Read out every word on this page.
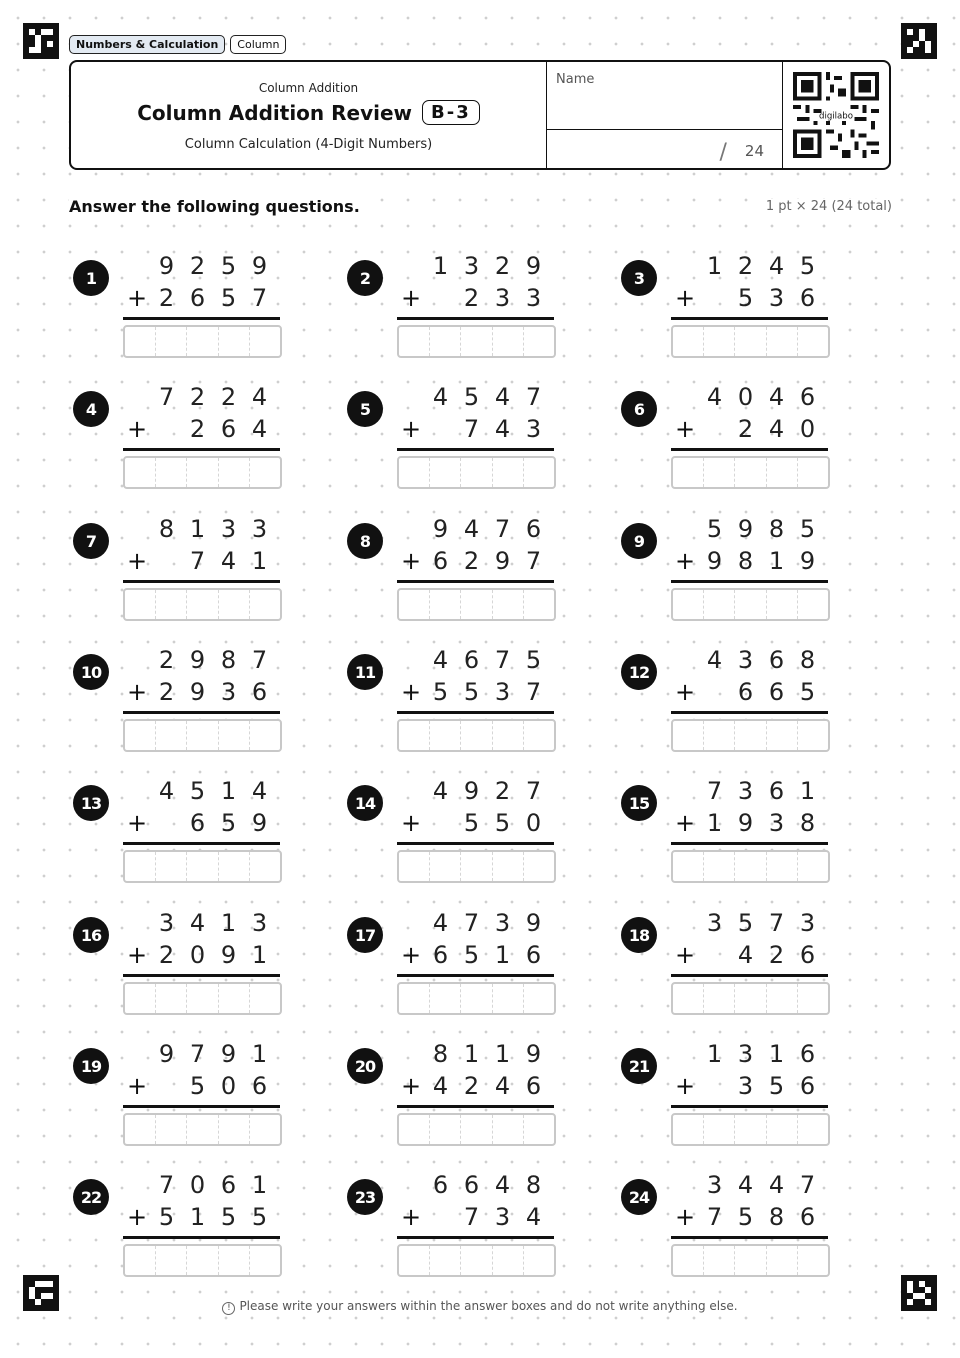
Numbers & Calculation	Column
Column Addition
Column Addition Review	B-3
Column Calculation (4-Digit Numbers)
Name
/ 24
digilabo
Answer the following questions.	1 pt × 24 (24 total)
1	9 2 5 9
2 6 5 7
+
2	1 3 2 9

2 3 3
+
3	1 2 4 5

5 3 6
+
4	7 2 2 4

2 6 4
+
5	4 5 4 7

7 4 3
+
6	4 0 4 6

2 4 0
+
7	8 1 3 3

7 4 1
+
8	9 4 7 6
6 2 9 7
+
9	5 9 8 5
9 8 1 9
+
10	2 9 8 7
2 9 3 6
+
11	4 6 7 5
5 5 3 7
+
12	4 3 6 8

6 6 5
+
13	4 5 1 4

6 5 9
+
14	4 9 2 7

5 5 0
+
15	7 3 6 1
1 9 3 8
+
16	3 4 1 3
2 0 9 1
+
17	4 7 3 9
6 5 1 6
+
18	3 5 7 3

4 2 6
+
19	9 7 9 1

5 0 6
+
20	8 1 1 9
4 2 4 6
+
21	1 3 1 6

3 5 6
+
22	7 0 6 1
5 1 5 5
+
23	6 6 4 8

7 3 4
+
24	3 4 4 7
7 5 8 6
+
! Please write your answers within the answer boxes and do not write anything else.
